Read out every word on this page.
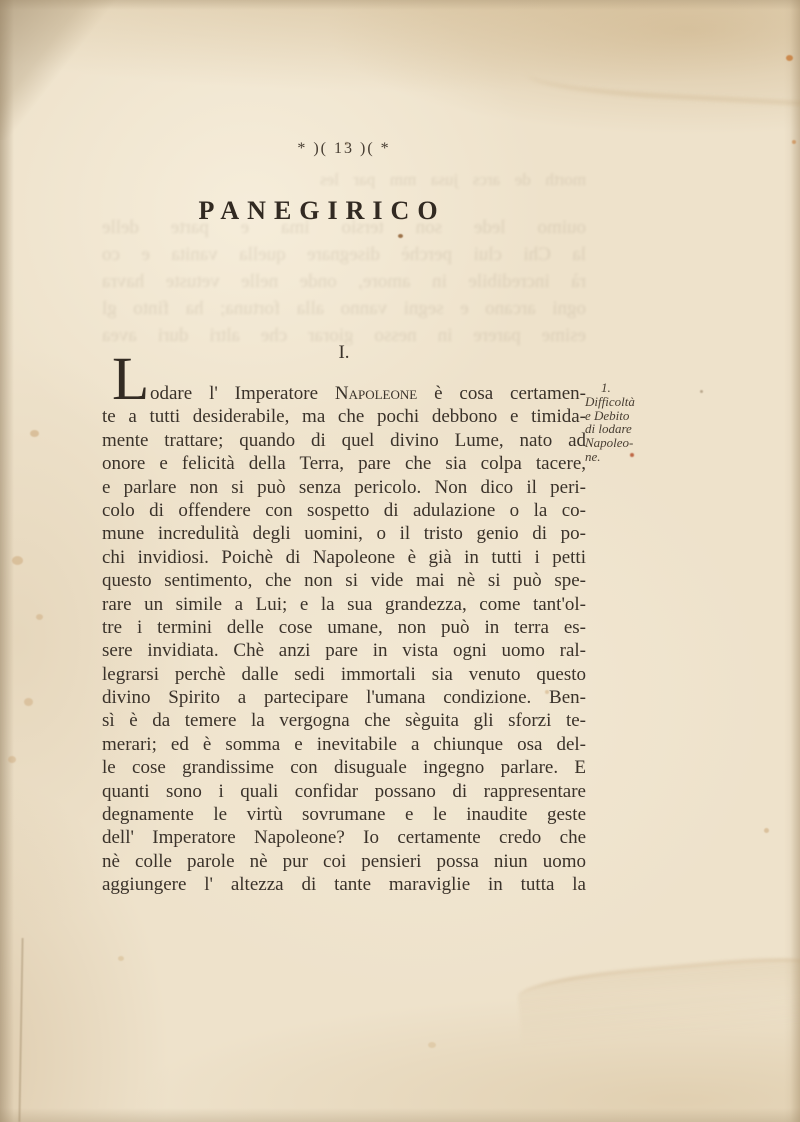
morth de arcs jusa mm par les
ouimo lede son tersio ima e parte delle
la Chi clui perchè disegnare quella vanita e co
rà incredibile in amore, onde nelle vetuste havra
ogni arcano e segni vanno alla fortuna; ha finto gl
esime parere in nesso giorar che altri duri avea
* )( 13 )( *
PANEGIRICO
I.
L odare l' Imperatore Napoleone è cosa certamen-
te a tutti desiderabile, ma che pochi debbono e timida-
mente trattare; quando di quel divino Lume, nato ad
onore e felicità della Terra, pare che sia colpa tacere,
e parlare non si può senza pericolo. Non dico il peri-
colo di offendere con sospetto di adulazione o la co-
mune incredulità degli uomini, o il tristo genio di po-
chi invidiosi. Poichè di Napoleone è già in tutti i petti
questo sentimento, che non si vide mai nè si può spe-
rare un simile a Lui; e la sua grandezza, come tant'ol-
tre i termini delle cose umane, non può in terra es-
sere invidiata. Chè anzi pare in vista ogni uomo ral-
legrarsi perchè dalle sedi immortali sia venuto questo
divino Spirito a partecipare l'umana condizione. Ben-
sì è da temere la vergogna che sèguita gli sforzi te-
merari; ed è somma e inevitabile a chiunque osa del-
le cose grandissime con disuguale ingegno parlare. E
quanti sono i quali confidar possano di rappresentare
degnamente le virtù sovrumane e le inaudite geste
dell' Imperatore Napoleone? Io certamente credo che
nè colle parole nè pur coi pensieri possa niun uomo
aggiungere l' altezza di tante maraviglie in tutta la
1.
Difficoltà
e Debito
di lodare
Napoleo-
ne.
